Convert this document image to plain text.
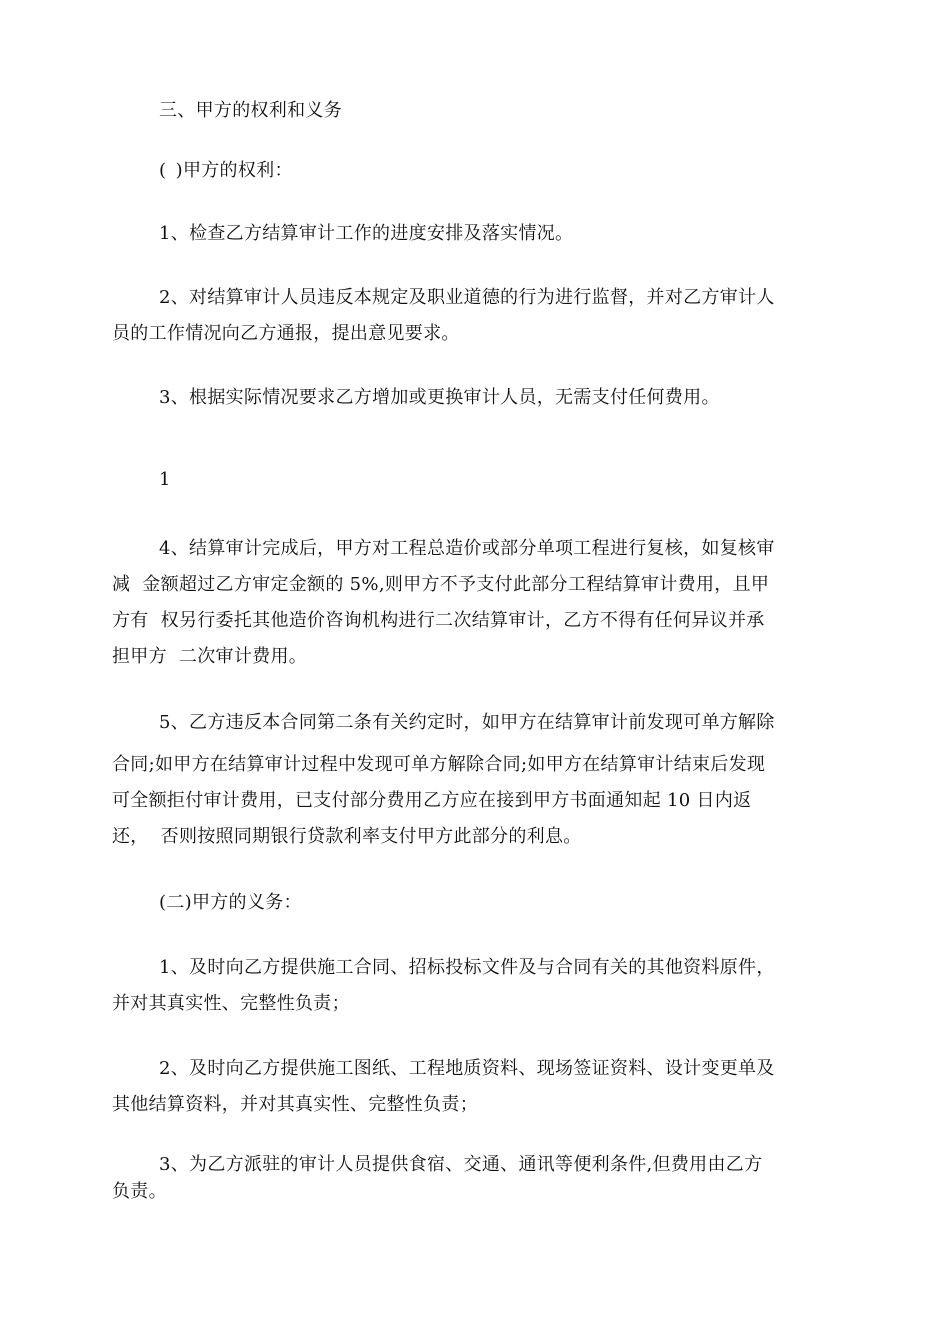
三、甲方的权利和义务
( )甲方的权利：
1、检查乙方结算审计工作的进度安排及落实情况。
2、对结算审计人员违反本规定及职业道德的行为进行监督，并对乙方审计人
员的工作情况向乙方通报，提出意见要求。
3、根据实际情况要求乙方增加或更换审计人员，无需支付任何费用。
1
4、结算审计完成后，甲方对工程总造价或部分单项工程进行复核，如复核审
减  金额超过乙方审定金额的 5%,则甲方不予支付此部分工程结算审计费用，且甲
方有  权另行委托其他造价咨询机构进行二次结算审计，乙方不得有任何异议并承
担甲方  二次审计费用。
5、乙方违反本合同第二条有关约定时，如甲方在结算审计前发现可单方解除
合同;如甲方在结算审计过程中发现可单方解除合同;如甲方在结算审计结束后发现
可全额拒付审计费用，已支付部分费用乙方应在接到甲方书面通知起 10 日内返
还，  否则按照同期银行贷款利率支付甲方此部分的利息。
(二)甲方的义务：
1、及时向乙方提供施工合同、招标投标文件及与合同有关的其他资料原件，
并对其真实性、完整性负责；
2、及时向乙方提供施工图纸、工程地质资料、现场签证资料、设计变更单及
其他结算资料，并对其真实性、完整性负责；
3、为乙方派驻的审计人员提供食宿、交通、通讯等便利条件,但费用由乙方
负责。
